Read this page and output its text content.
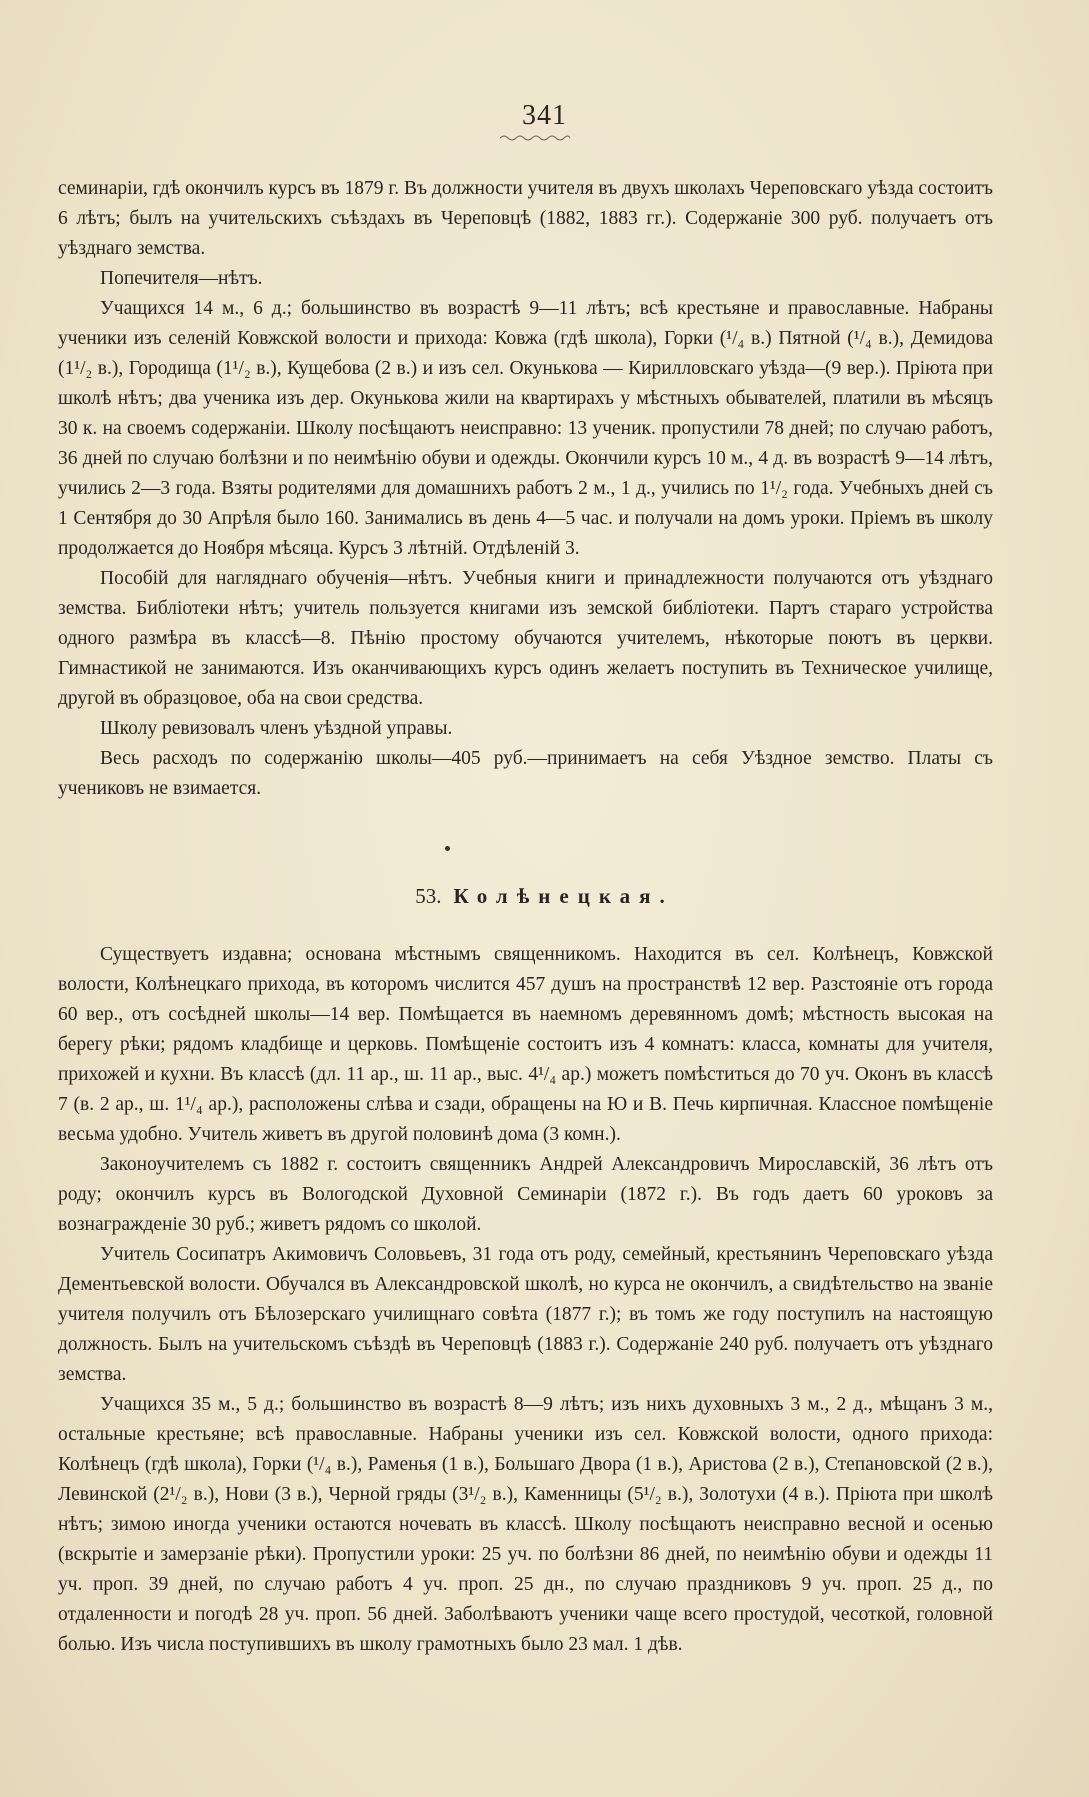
341

семинаріи, гдѣ окончилъ курсъ въ 1879 г. Въ должности учителя въ двухъ школахъ Череповскаго уѣзда состоитъ 6 лѣтъ; былъ на учительскихъ съѣздахъ въ Череповцѣ (1882, 1883 гг.). Содержаніе 300 руб. получаетъ отъ уѣзднаго земства.

Попечителя—нѣтъ.

Учащихся 14 м., 6 д.; большинство въ возрастѣ 9—11 лѣтъ; всѣ крестьяне и православные. Набраны ученики изъ селеній Ковжской волости и прихода: Ковжа (гдѣ школа), Горки (¹/₄ в.) Пятной (¹/₄ в.), Демидова (1¹/₂ в.), Городища (1¹/₂ в.), Кущебова (2 в.) и изъ сел. Окунькова — Кирилловскаго уѣзда—(9 вер.). Пріюта при школѣ нѣтъ; два ученика изъ дер. Окунькова жили на квартирахъ у мѣстныхъ обывателей, платили въ мѣсяцъ 30 к. на своемъ содержаніи. Школу посѣщаютъ неисправно: 13 ученик. пропустили 78 дней; по случаю работъ, 36 дней по случаю болѣзни и по неимѣнію обуви и одежды. Окончили курсъ 10 м., 4 д. въ возрастѣ 9—14 лѣтъ, учились 2—3 года. Взяты родителями для домашнихъ работъ 2 м., 1 д., учились по 1¹/₂ года. Учебныхъ дней съ 1 Сентября до 30 Апрѣля было 160. Занимались въ день 4—5 час. и получали на домъ уроки. Пріемъ въ школу продолжается до Ноября мѣсяца. Курсъ 3 лѣтній. Отдѣленій 3.

Пособій для нагляднаго обученія—нѣтъ. Учебныя книги и принадлежности получаются отъ уѣзднаго земства. Библіотеки нѣтъ; учитель пользуется книгами изъ земской библіотеки. Партъ стараго устройства одного размѣра въ классѣ—8. Пѣнію простому обучаются учителемъ, нѣкоторые поютъ въ церкви. Гимнастикой не занимаются. Изъ оканчивающихъ курсъ одинъ желаетъ поступить въ Техническое училище, другой въ образцовое, оба на свои средства.

Школу ревизовалъ членъ уѣздной управы.

Весь расходъ по содержанію школы—405 руб.—принимаетъ на себя Уѣздное земство. Платы съ учениковъ не взимается.

53. Колѣнецкая.

Существуетъ издавна; основана мѣстнымъ священникомъ. Находится въ сел. Колѣнецъ, Ковжской волости, Колѣнецкаго прихода, въ которомъ числится 457 душъ на пространствѣ 12 вер. Разстояніе отъ города 60 вер., отъ сосѣдней школы—14 вер. Помѣщается въ наемномъ деревянномъ домѣ; мѣстность высокая на берегу рѣки; рядомъ кладбище и церковь. Помѣщеніе состоитъ изъ 4 комнатъ: класса, комнаты для учителя, прихожей и кухни. Въ классѣ (дл. 11 ар., ш. 11 ар., выс. 4¹/₄ ар.) можетъ помѣститься до 70 уч. Оконъ въ классѣ 7 (в. 2 ар., ш. 1¹/₄ ар.), расположены слѣва и сзади, обращены на Ю и В. Печь кирпичная. Классное помѣщеніе весьма удобно. Учитель живетъ въ другой половинѣ дома (3 комн.).

Законоучителемъ съ 1882 г. состоитъ священникъ Андрей Александровичъ Мирославскій, 36 лѣтъ отъ роду; окончилъ курсъ въ Вологодской Духовной Семинаріи (1872 г.). Въ годъ даетъ 60 уроковъ за вознагражденіе 30 руб.; живетъ рядомъ со школой.

Учитель Сосипатръ Акимовичъ Соловьевъ, 31 года отъ роду, семейный, крестьянинъ Череповскаго уѣзда Дементьевской волости. Обучался въ Александровской школѣ, но курса не окончилъ, а свидѣтельство на званіе учителя получилъ отъ Бѣлозерскаго училищнаго совѣта (1877 г.); въ томъ же году поступилъ на настоящую должность. Былъ на учительскомъ съѣздѣ въ Череповцѣ (1883 г.). Содержаніе 240 руб. получаетъ отъ уѣзднаго земства.

Учащихся 35 м., 5 д.; большинство въ возрастѣ 8—9 лѣтъ; изъ нихъ духовныхъ 3 м., 2 д., мѣщанъ 3 м., остальные крестьяне; всѣ православные. Набраны ученики изъ сел. Ковжской волости, одного прихода: Колѣнецъ (гдѣ школа), Горки (¹/₄ в.), Раменья (1 в.), Большаго Двора (1 в.), Аристова (2 в.), Степановской (2 в.), Левинской (2¹/₂ в.), Нови (3 в.), Черной гряды (3¹/₂ в.), Каменницы (5¹/₂ в.), Золотухи (4 в.). Пріюта при школѣ нѣтъ; зимою иногда ученики остаются ночевать въ классѣ. Школу посѣщаютъ неисправно весной и осенью (вскрытіе и замерзаніе рѣки). Пропустили уроки: 25 уч. по болѣзни 86 дней, по неимѣнію обуви и одежды 11 уч. проп. 39 дней, по случаю работъ 4 уч. проп. 25 дн., по случаю праздниковъ 9 уч. проп. 25 д., по отдаленности и погодѣ 28 уч. проп. 56 дней. Заболѣваютъ ученики чаще всего простудой, чесоткой, головной болью. Изъ числа поступившихъ въ школу грамотныхъ было 23 мал. 1 дѣв.
